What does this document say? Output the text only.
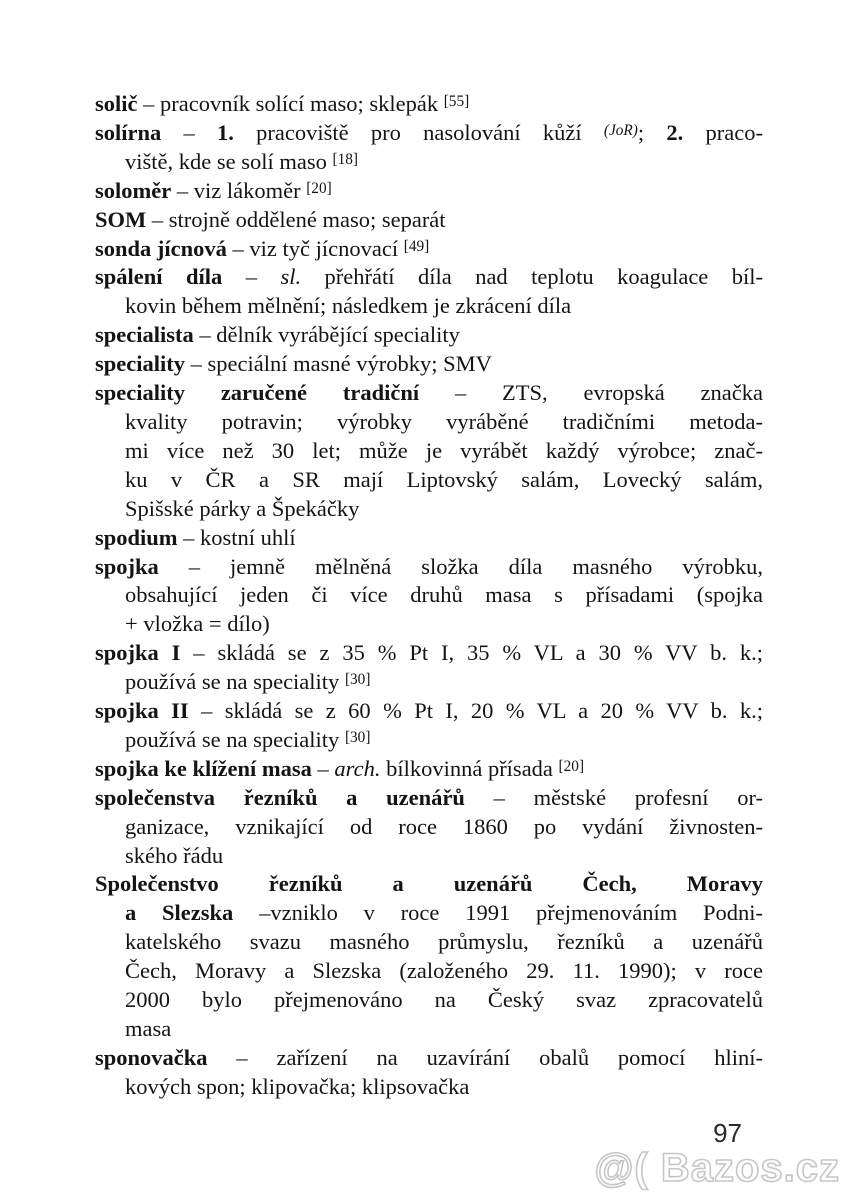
solič – pracovník solící maso; sklepák [55]

solírna – 1. pracoviště pro nasolování kůží $^{(JoR)}$; 2. praco-
viště, kde se solí maso [18]

soloměr – viz lákoměr [20]

SOM – strojně oddělené maso; separát

sonda jícnová – viz tyč jícnovací [49]

spálení díla – sl. přehřátí díla nad teplotu koagulace bíl-
kovin během mělnění; následkem je zkrácení díla

specialista – dělník vyrábějící speciality

speciality – speciální masné výrobky; SMV

speciality zaručené tradiční – ZTS, evropská značka
kvality potravin; výrobky vyráběné tradičními metoda-
mi více než 30 let; může je vyrábět každý výrobce; znač-
ku v ČR a SR mají Liptovský salám, Lovecký salám,
Spišské párky a Špekáčky

spodium – kostní uhlí

spojka – jemně mělněná složka díla masného výrobku,
obsahující jeden či více druhů masa s přísadami (spojka
+ vložka = dílo)

spojka I – skládá se z 35 % Pt I, 35 % VL a 30 % VV b. k.;
používá se na speciality [30]

spojka II – skládá se z 60 % Pt I, 20 % VL a 20 % VV b. k.;
používá se na speciality [30]

spojka ke klížení masa – arch. bílkovinná přísada [20]

společenstva řezníků a uzenářů – městské profesní or-
ganizace, vznikající od roce 1860 po vydání živnosten-
ského řádu

Společenstvo řezníků a uzenářů Čech, Moravy
a Slezska –vzniklo v roce 1991 přejmenováním Podni-
katelského svazu masného průmyslu, řezníků a uzenářů
Čech, Moravy a Slezska (založeného 29. 11. 1990); v roce
2000 bylo přejmenováno na Český svaz zpracovatelů
masa

sponovačka – zařízení na uzavírání obalů pomocí hliní-
kových spon; klipovačka; klipsovačka

97
@( Bazos.cz
